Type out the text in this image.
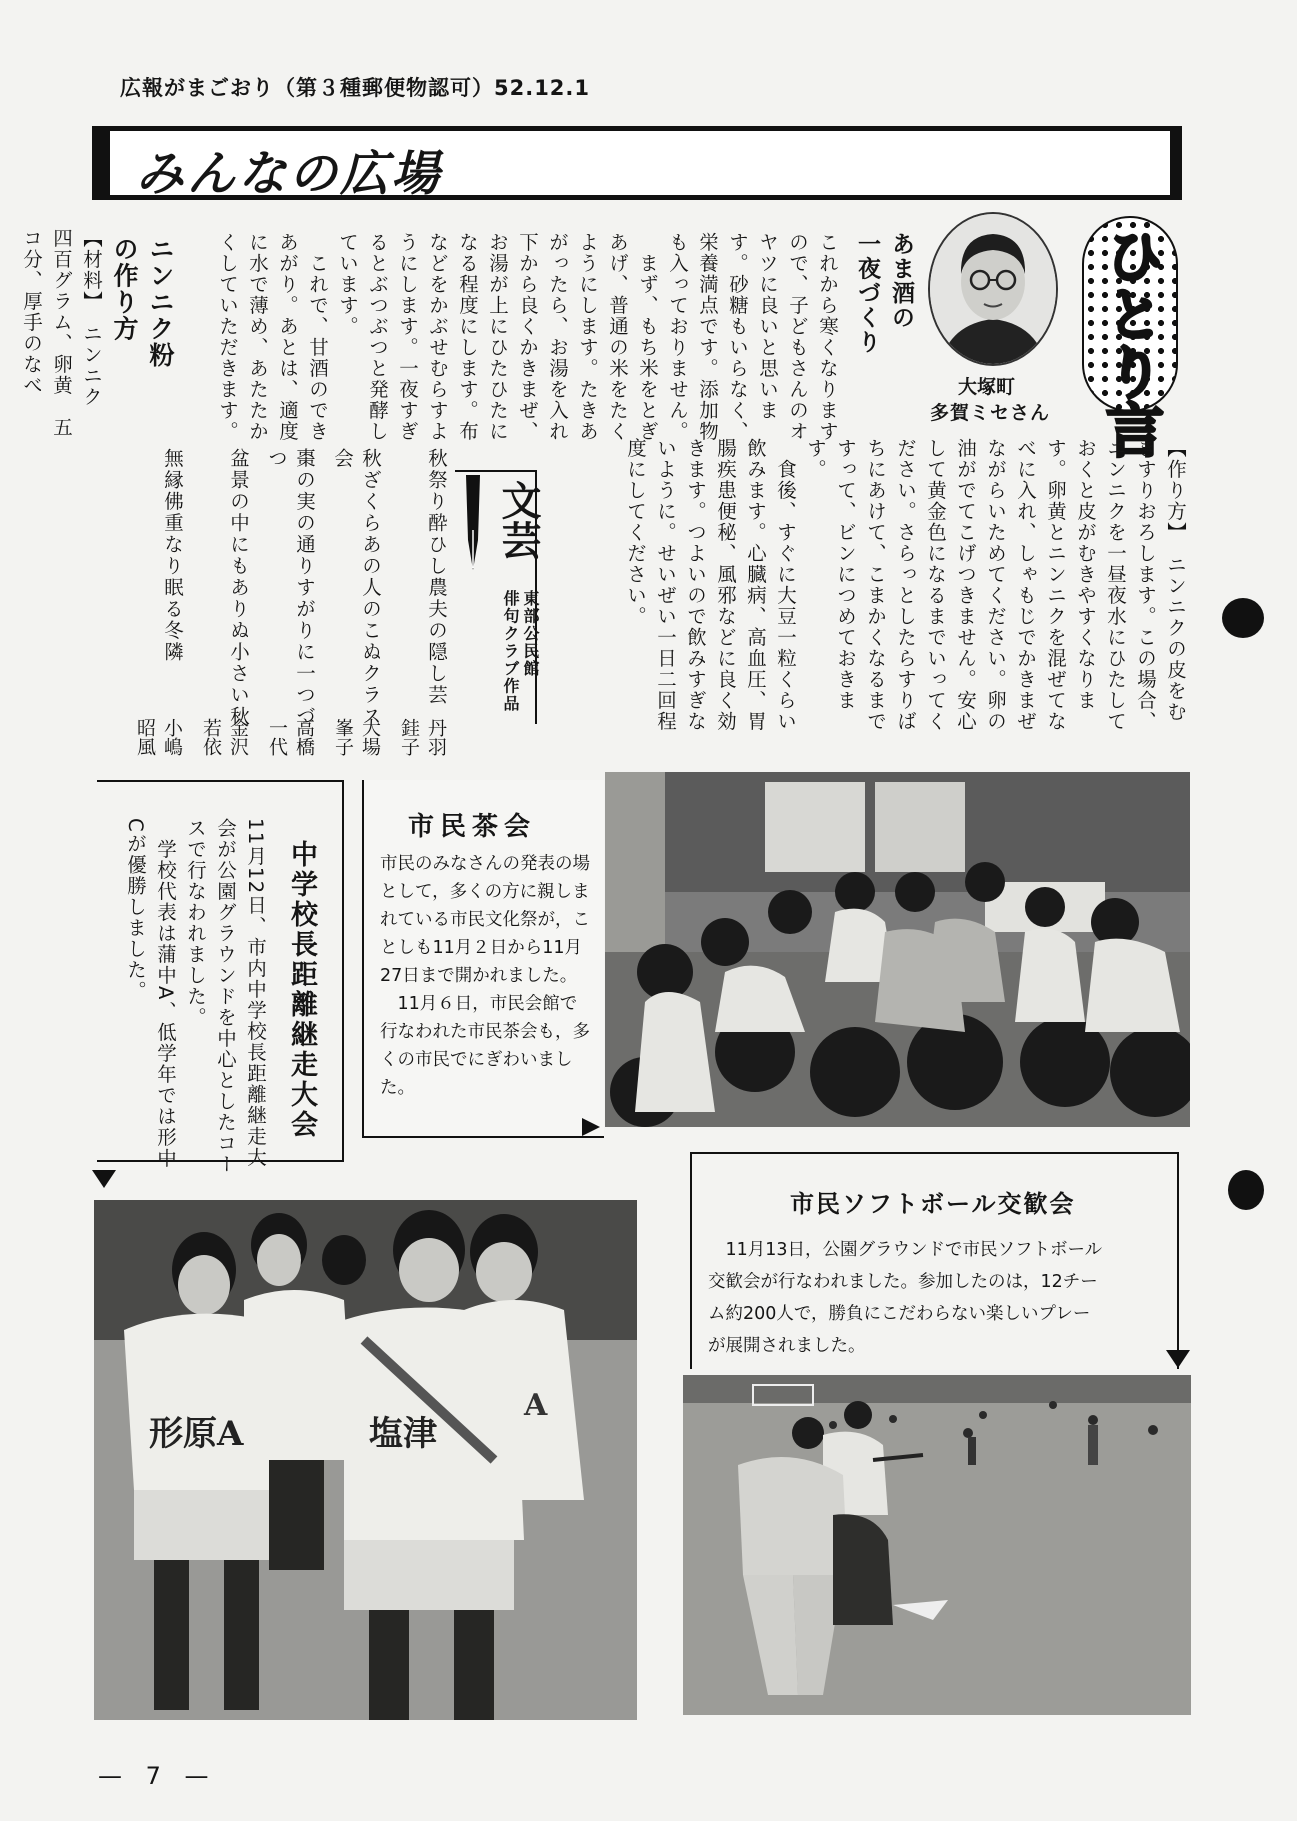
広報がまごおり（第３種郵便物認可）52.12.1
みんなの広場
ひとり言
大塚町
多賀ミセさん
あま酒の
一夜づくり
これから寒くなりますので、子どもさんのオヤツに良いと思います。砂糖もいらなく、栄養満点です。添加物も入っておりません。
　まず、もち米をとぎあげ、普通の米をたくようにします。たきあがったら、お湯を入れ下から良くかきまぜ、お湯が上にひたひたになる程度にします。布などをかぶせむらすようにします。一夜すぎるとぶつぶつと発酵しています。
　これで、甘酒のできあがり。あとは、適度に水で薄め、あたたかくしていただきます。
ニンニク粉
の作り方
【材料】　ニンニク　四百グラム、卵黄　五コ分、厚手のなべ
【作り方】　ニンニクの皮をむきすりおろします。この場合、ニンニクを一昼夜水にひたしておくと皮がむきやすくなります。卵黄とニンニクを混ぜてなべに入れ、しゃもじでかきまぜながらいためてください。卵の油がでてこげつきません。安心して黄金色になるまでいってください。さらっとしたらすりばちにあけて、こまかくなるまですって、ビンにつめておきます。
　食後、すぐに大豆一粒くらい飲みます。心臓病、高血圧、胃腸疾患便秘、風邪などに良く効きます。つよいので飲みすぎないように。せいぜい一日二回程度にしてください。
文芸
東部公民館
俳句クラブ作品
秋祭り酔ひし農夫の隠し芸
丹羽　銈子
秋ざくらあの人のこぬクラス会
大場　峯子
棗の実の通りすがりに一つづつ
高橋　一代
盆景の中にもありぬ小さい秋
金沢　若依
無縁佛重なり眠る冬隣
小嶋　昭風
市民茶会
市民のみなさんの発表の場として，多くの方に親しまれている市民文化祭が，ことしも11月２日から11月27日まで開かれました。
　11月６日，市民会館で行なわれた市民茶会も，多くの市民でにぎわいました。
中学校長距離継走大会
11月12日、市内中学校長距離継走大会が公園グラウンドを中心としたコースで行なわれました。
　学校代表は蒲中A、低学年では形中Cが優勝しました。
形原A	塩津
A
市民ソフトボール交歓会
　11月13日，公園グラウンドで市民ソフトボール
交歓会が行なわれました。参加したのは，12チー
ム約200人で，勝負にこだわらない楽しいプレー
が展開されました。
— 7 —
